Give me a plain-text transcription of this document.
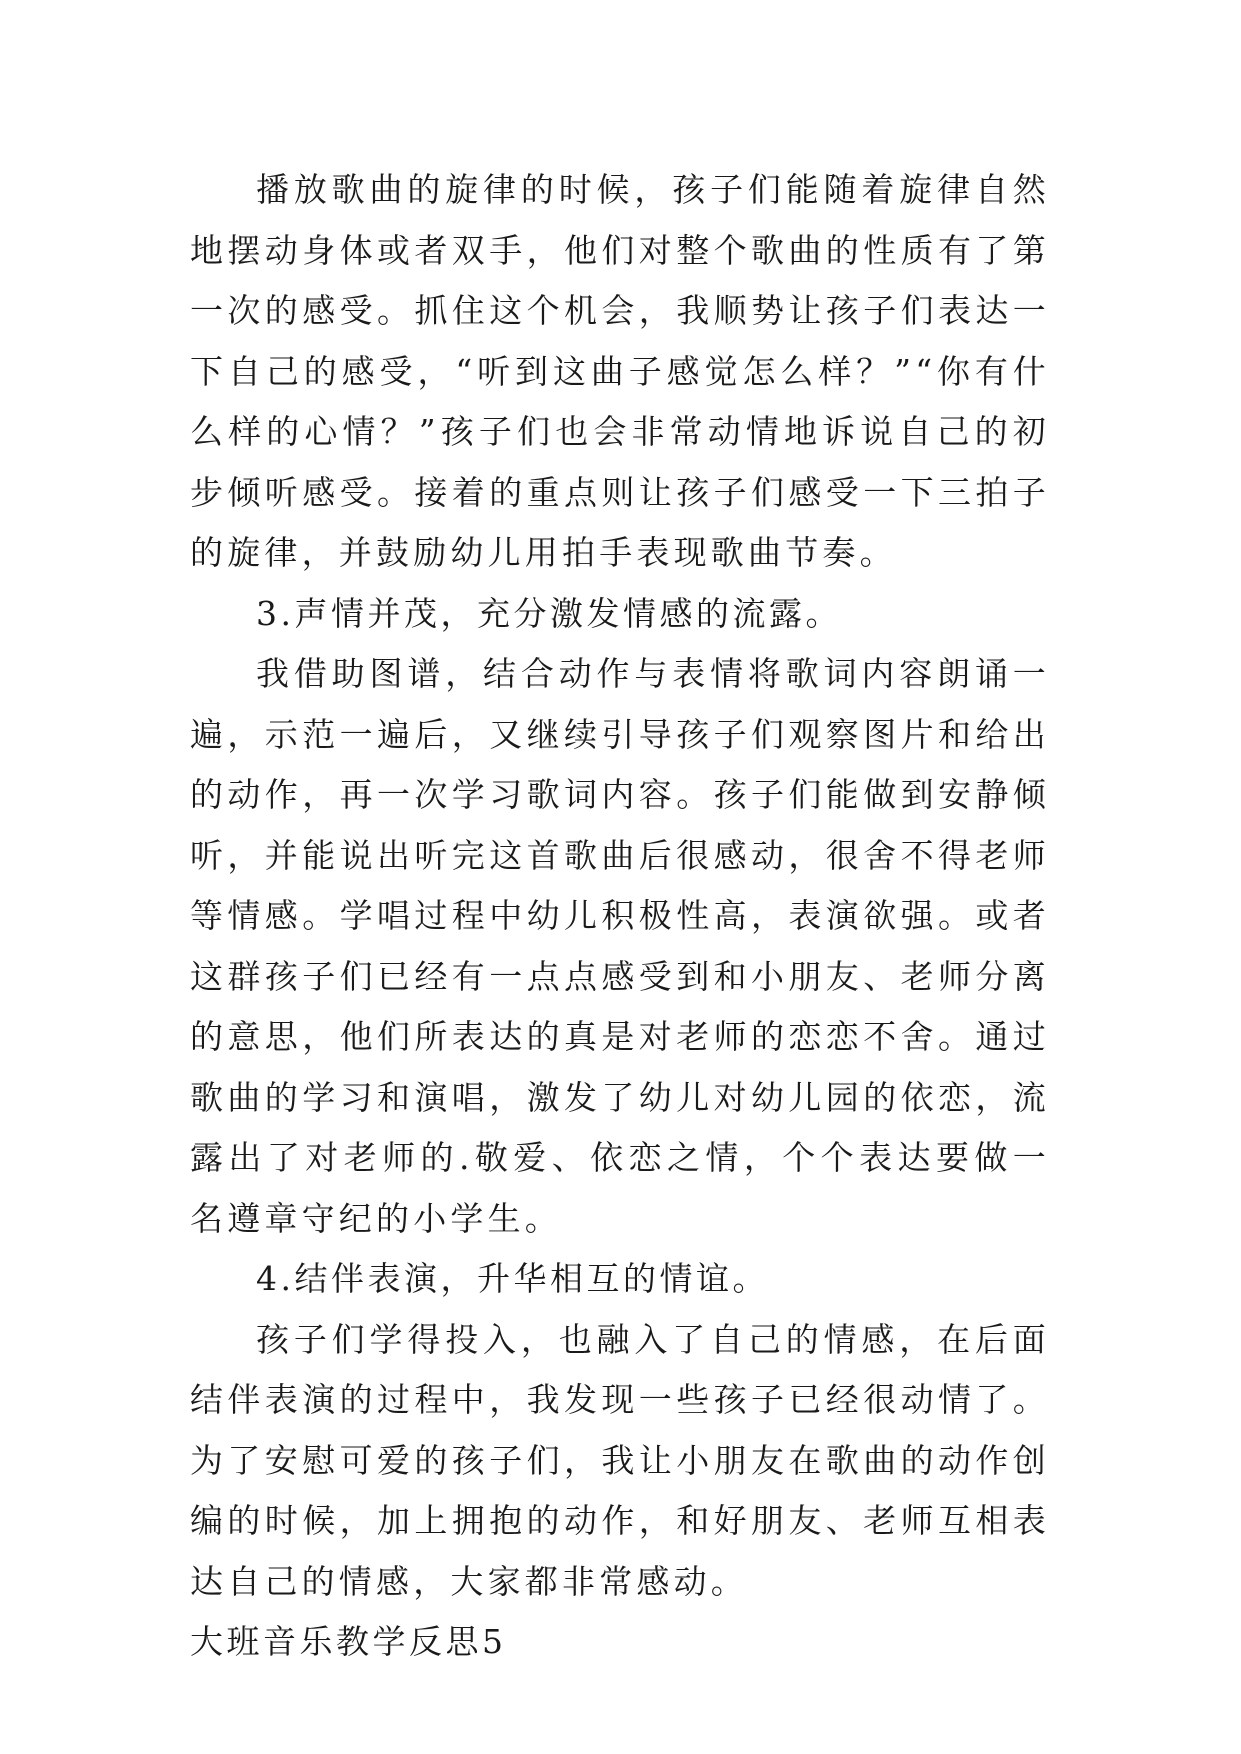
播放歌曲的旋律的时候，孩子们能随着旋律自然地摆动身体或者双手，他们对整个歌曲的性质有了第一次的感受。抓住这个机会，我顺势让孩子们表达一下自己的感受，“听到这曲子感觉怎么样？”“你有什么样的心情？”孩子们也会非常动情地诉说自己的初步倾听感受。接着的重点则让孩子们感受一下三拍子的旋律，并鼓励幼儿用拍手表现歌曲节奏。

3.声情并茂，充分激发情感的流露。

我借助图谱，结合动作与表情将歌词内容朗诵一遍，示范一遍后，又继续引导孩子们观察图片和给出的动作，再一次学习歌词内容。孩子们能做到安静倾听，并能说出听完这首歌曲后很感动，很舍不得老师等情感。学唱过程中幼儿积极性高，表演欲强。或者这群孩子们已经有一点点感受到和小朋友、老师分离的意思，他们所表达的真是对老师的恋恋不舍。通过歌曲的学习和演唱，激发了幼儿对幼儿园的依恋，流露出了对老师的.敬爱、依恋之情，个个表达要做一名遵章守纪的小学生。

4.结伴表演，升华相互的情谊。

孩子们学得投入，也融入了自己的情感，在后面结伴表演的过程中，我发现一些孩子已经很动情了。为了安慰可爱的孩子们，我让小朋友在歌曲的动作创编的时候，加上拥抱的动作，和好朋友、老师互相表达自己的情感，大家都非常感动。

大班音乐教学反思5
